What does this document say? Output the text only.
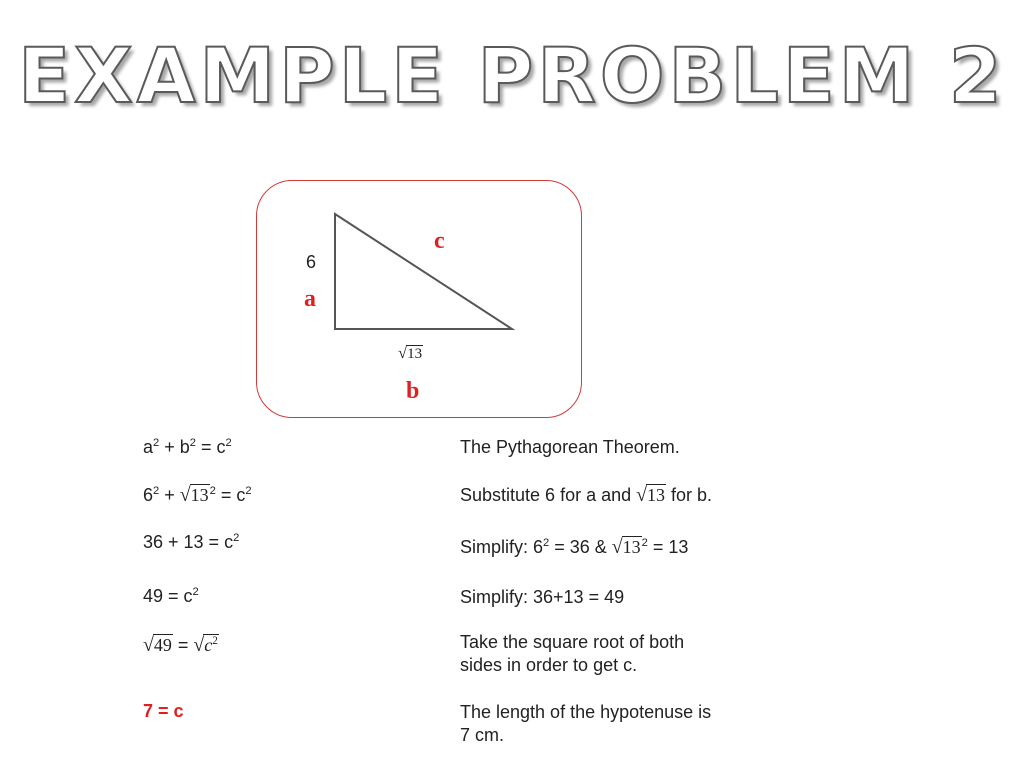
EXAMPLE PROBLEM 2
6
a
c
√13
b
$a^2 + b^2 = c^2$	The Pythagorean Theorem.
$6^2 + √13^2 = c^2$	Substitute 6 for a and √13 for b.
$36 + 13 = c^2$	Simplify: $6^2 = 36$ & $√13^2 = 13$
$49 = c^2$	Simplify: 36+13 = 49
$√49 = √c^2$	Take the square root of both
sides in order to get c.
7 = c	The length of the hypotenuse is
7 cm.
